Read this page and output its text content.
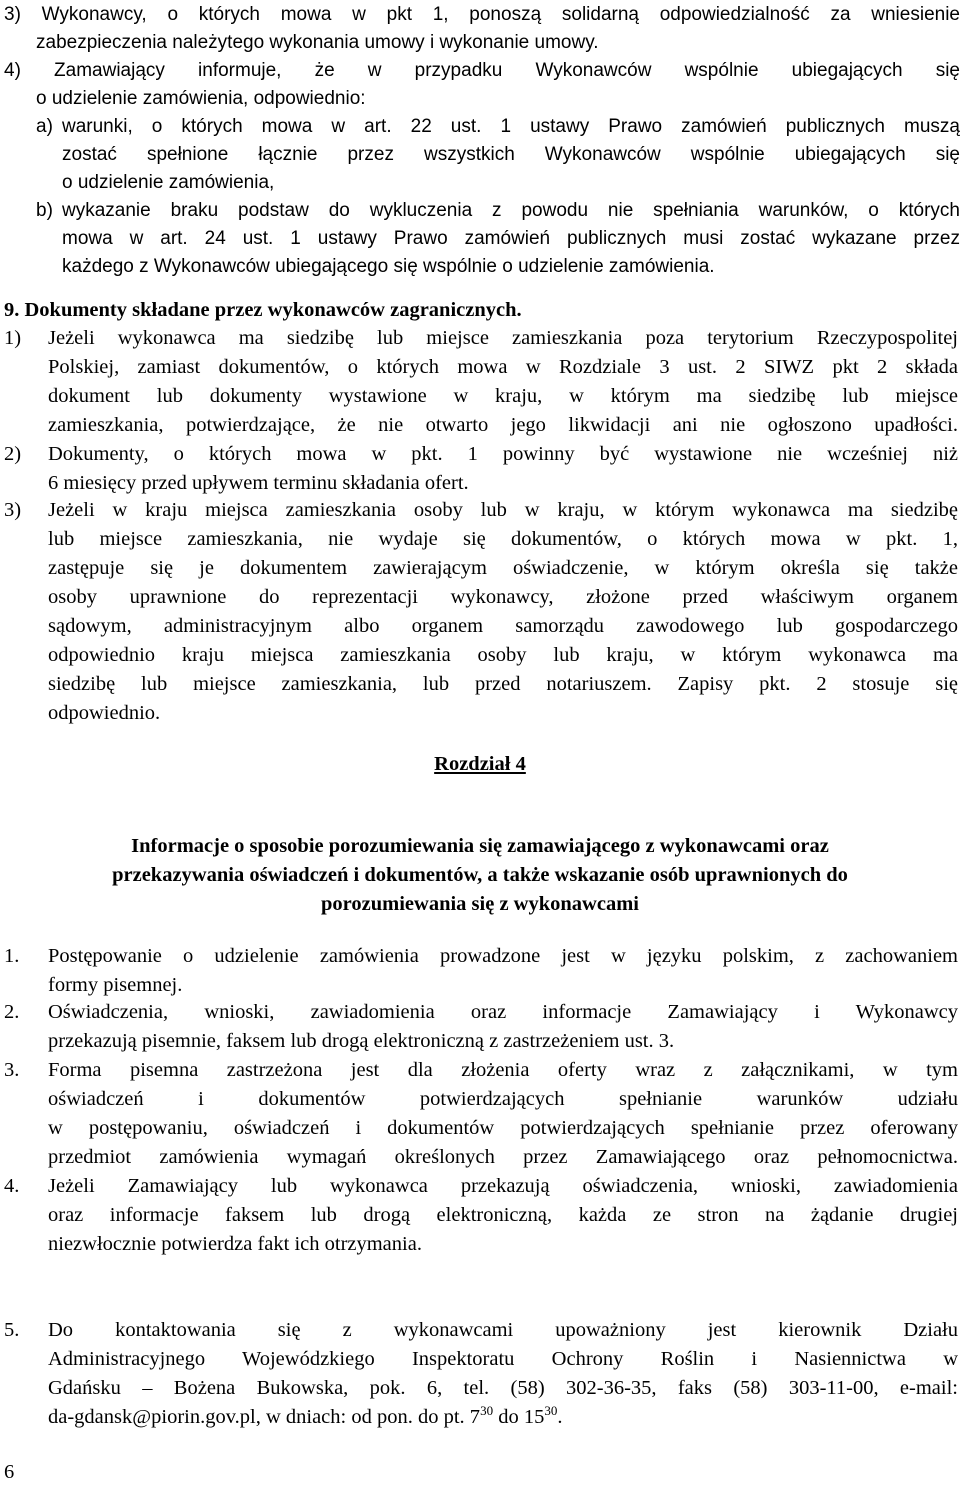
3) Wykonawcy, o których mowa w pkt 1, ponoszą solidarną odpowiedzialność za wniesienie
zabezpieczenia należytego wykonania umowy i wykonanie umowy.
4) Zamawiający informuje, że w przypadku Wykonawców wspólnie ubiegających się
o udzielenie zamówienia, odpowiednio:
a) warunki, o których mowa w art. 22 ust. 1 ustawy Prawo zamówień publicznych muszą
zostać spełnione łącznie przez wszystkich Wykonawców wspólnie ubiegających się
o udzielenie zamówienia,
b) wykazanie braku podstaw do wykluczenia z powodu nie spełniania warunków, o których
mowa w art. 24 ust. 1 ustawy Prawo zamówień publicznych musi zostać wykazane przez
każdego z Wykonawców ubiegającego się wspólnie o udzielenie zamówienia.
9. Dokumenty składane przez wykonawców zagranicznych.
1)	Jeżeli wykonawca ma siedzibę lub miejsce zamieszkania poza terytorium Rzeczypospolitej
Polskiej, zamiast dokumentów, o których mowa w Rozdziale 3 ust. 2 SIWZ pkt 2 składa
dokument lub dokumenty wystawione w kraju, w którym ma siedzibę lub miejsce
zamieszkania, potwierdzające, że nie otwarto jego likwidacji ani nie ogłoszono upadłości.
2)	Dokumenty, o których mowa w pkt. 1 powinny być wystawione nie wcześniej niż
6 miesięcy przed upływem terminu składania ofert.
3)	Jeżeli w kraju miejsca zamieszkania osoby lub w kraju, w którym wykonawca ma siedzibę
lub miejsce zamieszkania, nie wydaje się dokumentów, o których mowa w pkt. 1,
zastępuje się je dokumentem zawierającym oświadczenie, w którym określa się także
osoby uprawnione do reprezentacji wykonawcy, złożone przed właściwym organem
sądowym, administracyjnym albo organem samorządu zawodowego lub gospodarczego
odpowiednio kraju miejsca zamieszkania osoby lub kraju, w którym wykonawca ma
siedzibę lub miejsce zamieszkania, lub przed notariuszem. Zapisy pkt. 2 stosuje się
odpowiednio.
Rozdział 4
Informacje o sposobie porozumiewania się zamawiającego z wykonawcami oraz
przekazywania oświadczeń i dokumentów, a także wskazanie osób uprawnionych do
porozumiewania się z wykonawcami
1.	Postępowanie o udzielenie zamówienia prowadzone jest w języku polskim, z zachowaniem
formy pisemnej.
2.	Oświadczenia, wnioski, zawiadomienia oraz informacje Zamawiający i Wykonawcy
przekazują pisemnie, faksem lub drogą elektroniczną z zastrzeżeniem ust. 3.
3.	Forma pisemna zastrzeżona jest dla złożenia oferty wraz z załącznikami, w tym
oświadczeń i dokumentów potwierdzających spełnianie warunków udziału
w postępowaniu, oświadczeń i dokumentów potwierdzających spełnianie przez oferowany
przedmiot zamówienia wymagań określonych przez Zamawiającego oraz pełnomocnictwa.
4.	Jeżeli Zamawiający lub wykonawca przekazują oświadczenia, wnioski, zawiadomienia
oraz informacje faksem lub drogą elektroniczną, każda ze stron na żądanie drugiej
niezwłocznie potwierdza fakt ich otrzymania.
5.	Do kontaktowania się z wykonawcami upoważniony jest kierownik Działu
Administracyjnego Wojewódzkiego Inspektoratu Ochrony Roślin i Nasiennictwa w
Gdańsku – Bożena Bukowska, pok. 6, tel. (58) 302-36-35, faks (58) 303-11-00, e-mail:
da-gdansk@piorin.gov.pl, w dniach: od pon. do pt. $7^{30}$ do $15^{30}$.
6
